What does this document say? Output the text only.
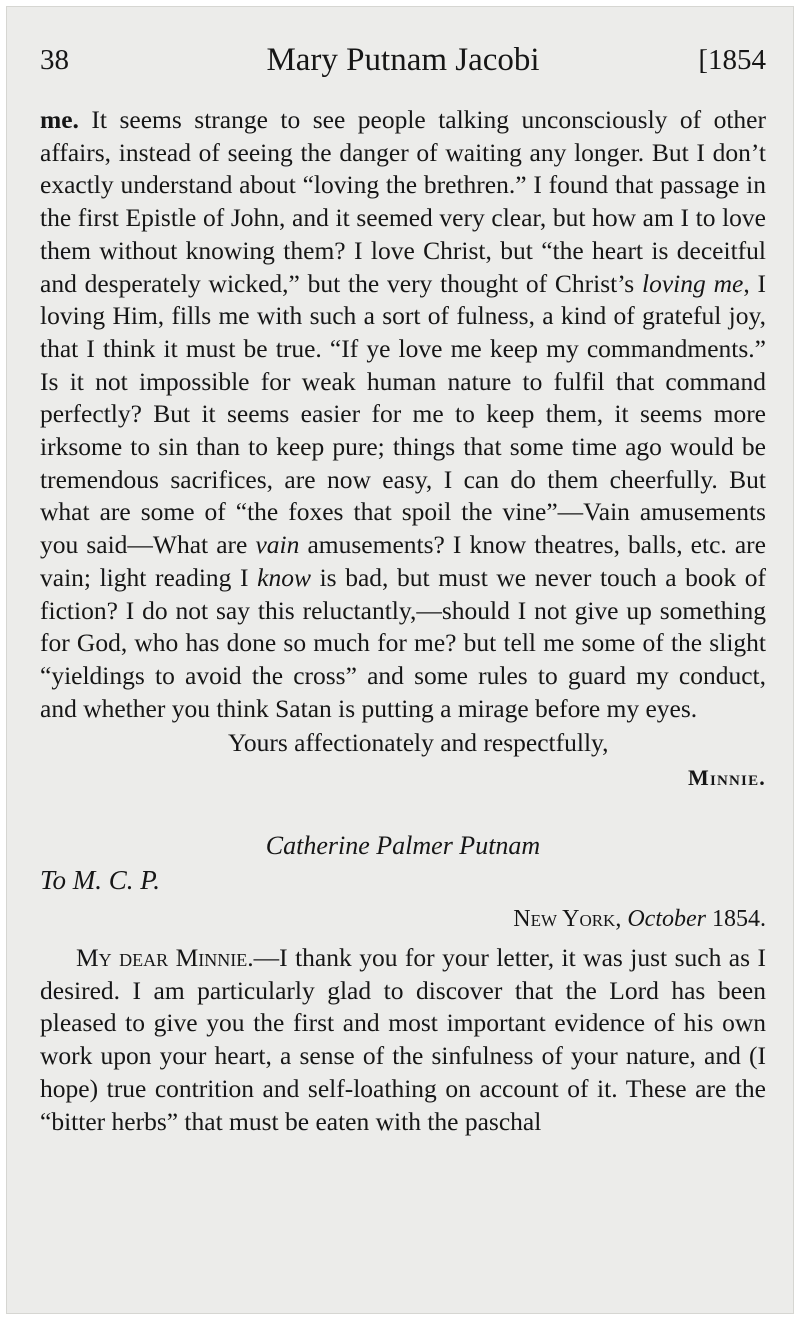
38	Mary Putnam Jacobi	[1854

me. It seems strange to see people talking unconsciously of other affairs, instead of seeing the danger of waiting any longer. But I don’t exactly understand about “loving the brethren.” I found that passage in the first Epistle of John, and it seemed very clear, but how am I to love them without knowing them? I love Christ, but “the heart is deceitful and desperately wicked,” but the very thought of Christ’s loving me, I loving Him, fills me with such a sort of fulness, a kind of grateful joy, that I think it must be true. “If ye love me keep my commandments.” Is it not impossible for weak human nature to fulfil that command perfectly? But it seems easier for me to keep them, it seems more irksome to sin than to keep pure; things that some time ago would be tremendous sacrifices, are now easy, I can do them cheerfully. But what are some of “the foxes that spoil the vine”—Vain amusements you said—What are vain amusements? I know theatres, balls, etc. are vain; light reading I know is bad, but must we never touch a book of fiction? I do not say this reluctantly,—should I not give up something for God, who has done so much for me? but tell me some of the slight “yieldings to avoid the cross” and some rules to guard my conduct, and whether you think Satan is putting a mirage before my eyes.

Yours affectionately and respectfully,
Minnie.
Catherine Palmer Putnam
To M. C. P.
New York, October 1854.

My dear Minnie.—I thank you for your letter, it was just such as I desired. I am particularly glad to discover that the Lord has been pleased to give you the first and most important evidence of his own work upon your heart, a sense of the sinfulness of your nature, and (I hope) true contrition and self-loathing on account of it. These are the “bitter herbs” that must be eaten with the paschal
